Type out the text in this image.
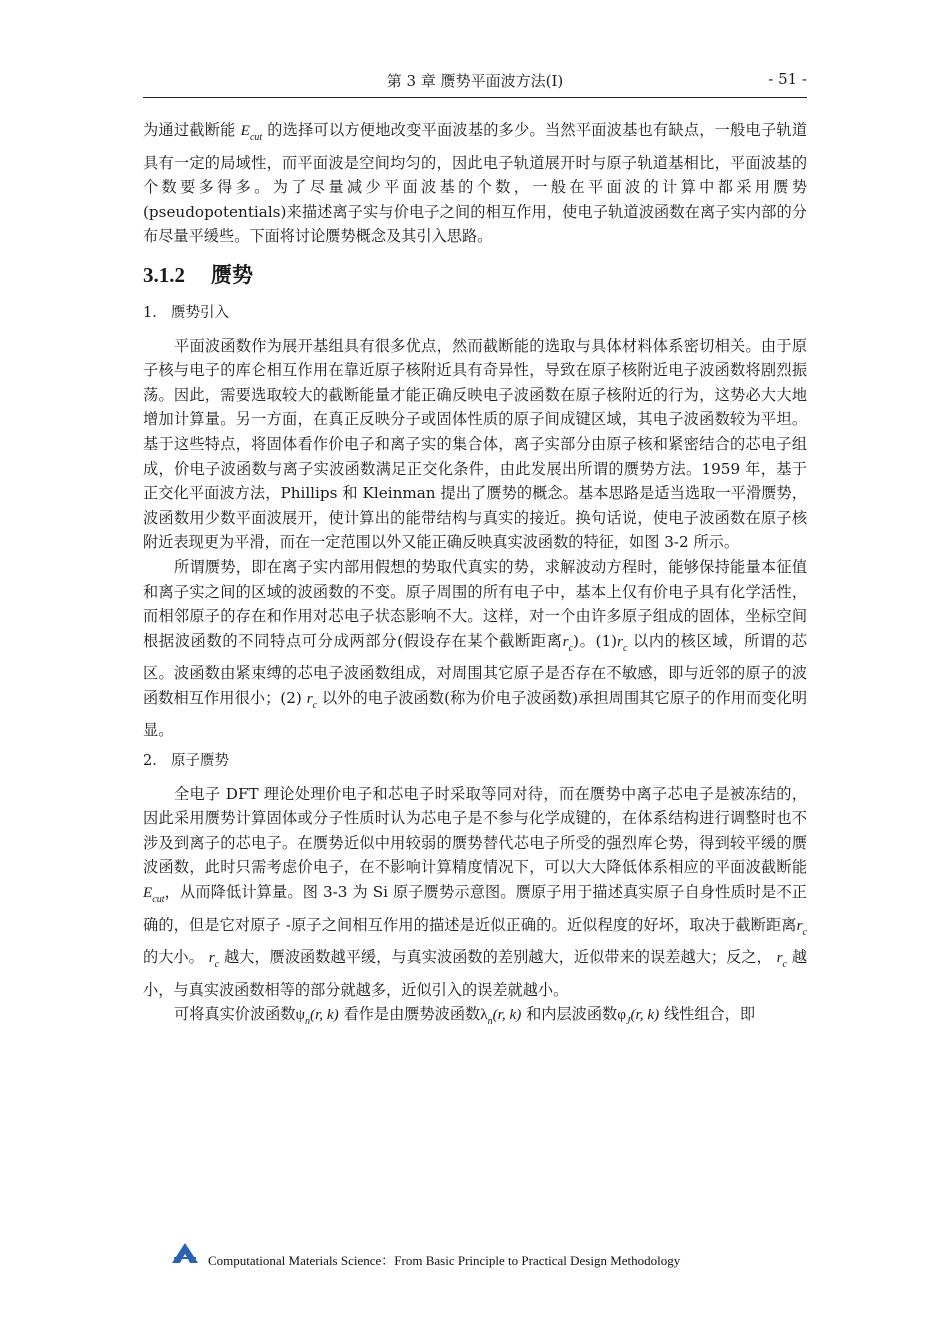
第 3 章 赝势平面波方法(I)	- 51 -

为通过截断能 $E_{cut}$ 的选择可以方便地改变平面波基的多少。当然平面波基也有缺点，一般电子轨道具有一定的局域性，而平面波是空间均匀的，因此电子轨道展开时与原子轨道基相比，平面波基的个数要多得多。为了尽量减少平面波基的个数，一般在平面波的计算中都采用赝势(pseudopotentials)来描述离子实与价电子之间的相互作用，使电子轨道波函数在离子实内部的分布尽量平缓些。下面将讨论赝势概念及其引入思路。

3.1.2 赝势
1. 赝势引入

平面波函数作为展开基组具有很多优点，然而截断能的选取与具体材料体系密切相关。由于原子核与电子的库仑相互作用在靠近原子核附近具有奇异性，导致在原子核附近电子波函数将剧烈振荡。因此，需要选取较大的截断能量才能正确反映电子波函数在原子核附近的行为，这势必大大地增加计算量。另一方面，在真正反映分子或固体性质的原子间成键区域，其电子波函数较为平坦。基于这些特点，将固体看作价电子和离子实的集合体，离子实部分由原子核和紧密结合的芯电子组成，价电子波函数与离子实波函数满足正交化条件，由此发展出所谓的赝势方法。1959 年，基于正交化平面波方法，Phillips 和 Kleinman 提出了赝势的概念。基本思路是适当选取一平滑赝势，波函数用少数平面波展开，使计算出的能带结构与真实的接近。换句话说，使电子波函数在原子核附近表现更为平滑，而在一定范围以外又能正确反映真实波函数的特征，如图 3-2 所示。

所谓赝势，即在离子实内部用假想的势取代真实的势，求解波动方程时，能够保持能量本征值和离子实之间的区域的波函数的不变。原子周围的所有电子中，基本上仅有价电子具有化学活性，而相邻原子的存在和作用对芯电子状态影响不大。这样，对一个由许多原子组成的固体，坐标空间根据波函数的不同特点可分成两部分(假设存在某个截断距离$r_c$)。$(1)r_c$ 以内的核区域，所谓的芯区。波函数由紧束缚的芯电子波函数组成，对周围其它原子是否存在不敏感，即与近邻的原子的波函数相互作用很小；(2) $r_c$ 以外的电子波函数(称为价电子波函数)承担周围其它原子的作用而变化明显。

2. 原子赝势

全电子 DFT 理论处理价电子和芯电子时采取等同对待，而在赝势中离子芯电子是被冻结的，因此采用赝势计算固体或分子性质时认为芯电子是不参与化学成键的，在体系结构进行调整时也不涉及到离子的芯电子。在赝势近似中用较弱的赝势替代芯电子所受的强烈库仑势，得到较平缓的赝波函数，此时只需考虑价电子，在不影响计算精度情况下，可以大大降低体系相应的平面波截断能 $E_{cut}$，从而降低计算量。图 3-3 为 Si 原子赝势示意图。赝原子用于描述真实原子自身性质时是不正确的，但是它对原子 -原子之间相互作用的描述是近似正确的。近似程度的好坏，取决于截断距离$r_c$ 的大小。 $r_c$ 越大，赝波函数越平缓，与真实波函数的差别越大，近似带来的误差越大；反之， $r_c$ 越小，与真实波函数相等的部分就越多，近似引入的误差就越小。

可将真实价波函数$\psi_n(r$, k) 看作是由赝势波函数$\lambda_n(r$, k) 和内层波函数$\varphi_J(r$, k) 线性组合，即

Computational Materials Science：From Basic Principle to Practical Design Methodology
